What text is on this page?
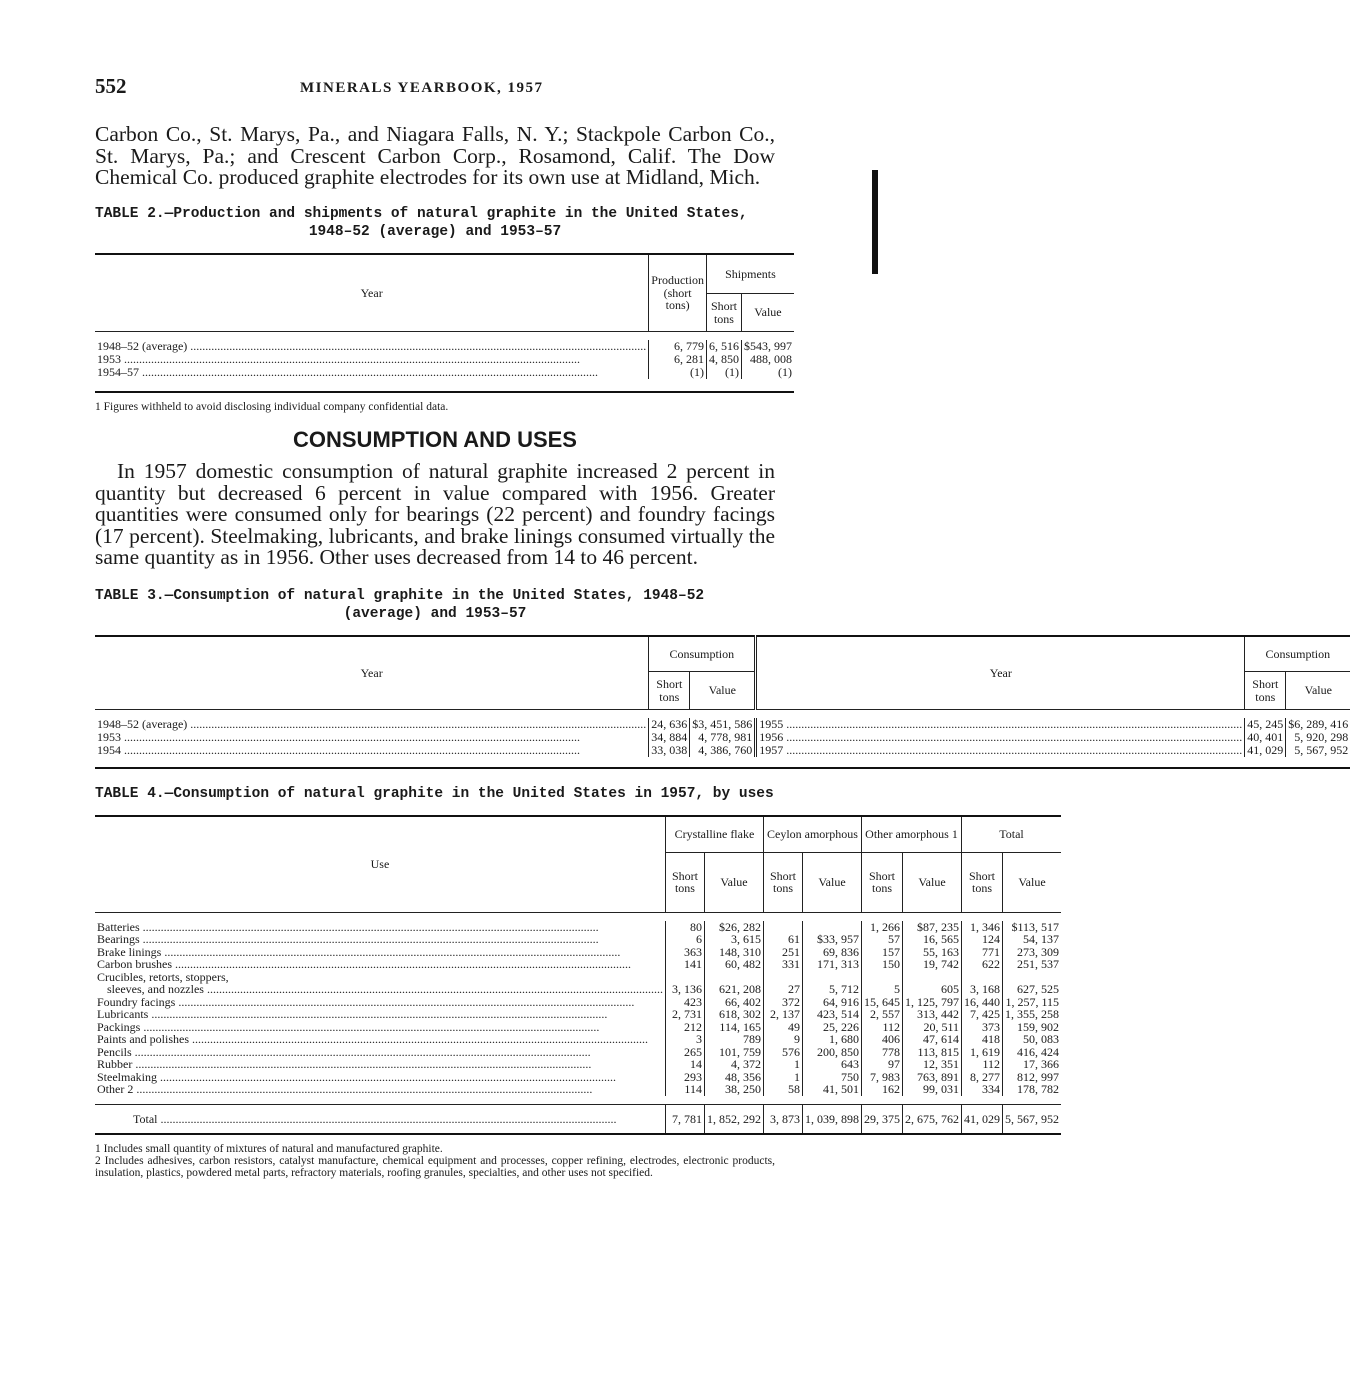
552	MINERALS YEARBOOK, 1957

Carbon Co., St. Marys, Pa., and Niagara Falls, N. Y.; Stackpole Carbon Co., St. Marys, Pa.; and Crescent Carbon Corp., Rosamond, Calif. The Dow Chemical Co. produced graphite electrodes for its own use at Midland, Mich.

TABLE 2.—Production and shipments of natural graphite in the United States,
1948–52 (average) and 1953–57

Year	Production (short tons)	Shipments	
		Short tons	Value

1948–52 (average) .....	6, 779	6, 516	$543, 997

1953 .....	6, 281	4, 850	488, 008

1954–57 .....	(1)	(1)	(1)

1 Figures withheld to avoid disclosing individual company confidential data.

CONSUMPTION AND USES

In 1957 domestic consumption of natural graphite increased 2 percent in quantity but decreased 6 percent in value compared with 1956. Greater quantities were consumed only for bearings (22 percent) and foundry facings (17 percent). Steelmaking, lubricants, and brake linings consumed virtually the same quantity as in 1956. Other uses decreased from 14 to 46 percent.

TABLE 3.—Consumption of natural graphite in the United States, 1948–52
(average) and 1953–57

Year	Consumption		Year	Consumption	
	Short tons	Value		Short tons	Value

1948–52 (average) .....	24, 636	$3, 451, 586	1955 .....	45, 245	$6, 289, 416

1953 .....	34, 884	4, 778, 981	1956 .....	40, 401	5, 920, 298

1954 .....	33, 038	4, 386, 760	1957 .....	41, 029	5, 567, 952

TABLE 4.—Consumption of natural graphite in the United States in 1957, by uses

Use	Crystalline flake		Ceylon amorphous		Other amorphous 1		Total	
	Short tons	Value	Short tons	Value	Short tons	Value	Short tons	Value

Batteries .....	80	$26, 282			1, 266	$87, 235	1, 346	$113, 517

Bearings .....	6	3, 615	61	$33, 957	57	16, 565	124	54, 137

Brake linings .....	363	148, 310	251	69, 836	157	55, 163	771	273, 309

Carbon brushes .....	141	60, 482	331	171, 313	150	19, 742	622	251, 537
Crucibles, retorts, stoppers,								

sleeves, and nozzles .....	3, 136	621, 208	27	5, 712	5	605	3, 168	627, 525

Foundry facings .....	423	66, 402	372	64, 916	15, 645	1, 125, 797	16, 440	1, 257, 115

Lubricants .....	2, 731	618, 302	2, 137	423, 514	2, 557	313, 442	7, 425	1, 355, 258

Packings .....	212	114, 165	49	25, 226	112	20, 511	373	159, 902

Paints and polishes .....	3	789	9	1, 680	406	47, 614	418	50, 083

Pencils .....	265	101, 759	576	200, 850	778	113, 815	1, 619	416, 424

Rubber .....	14	4, 372	1	643	97	12, 351	112	17, 366

Steelmaking .....	293	48, 356	1	750	7, 983	763, 891	8, 277	812, 997

Other 2 .....	114	38, 250	58	41, 501	162	99, 031	334	178, 782

Total .....	7, 781	1, 852, 292	3, 873	1, 039, 898	29, 375	2, 675, 762	41, 029	5, 567, 952

1 Includes small quantity of mixtures of natural and manufactured graphite.

2 Includes adhesives, carbon resistors, catalyst manufacture, chemical equipment and processes, copper refining, electrodes, electronic products, insulation, plastics, powdered metal parts, refractory materials, roofing granules, specialties, and other uses not specified.
